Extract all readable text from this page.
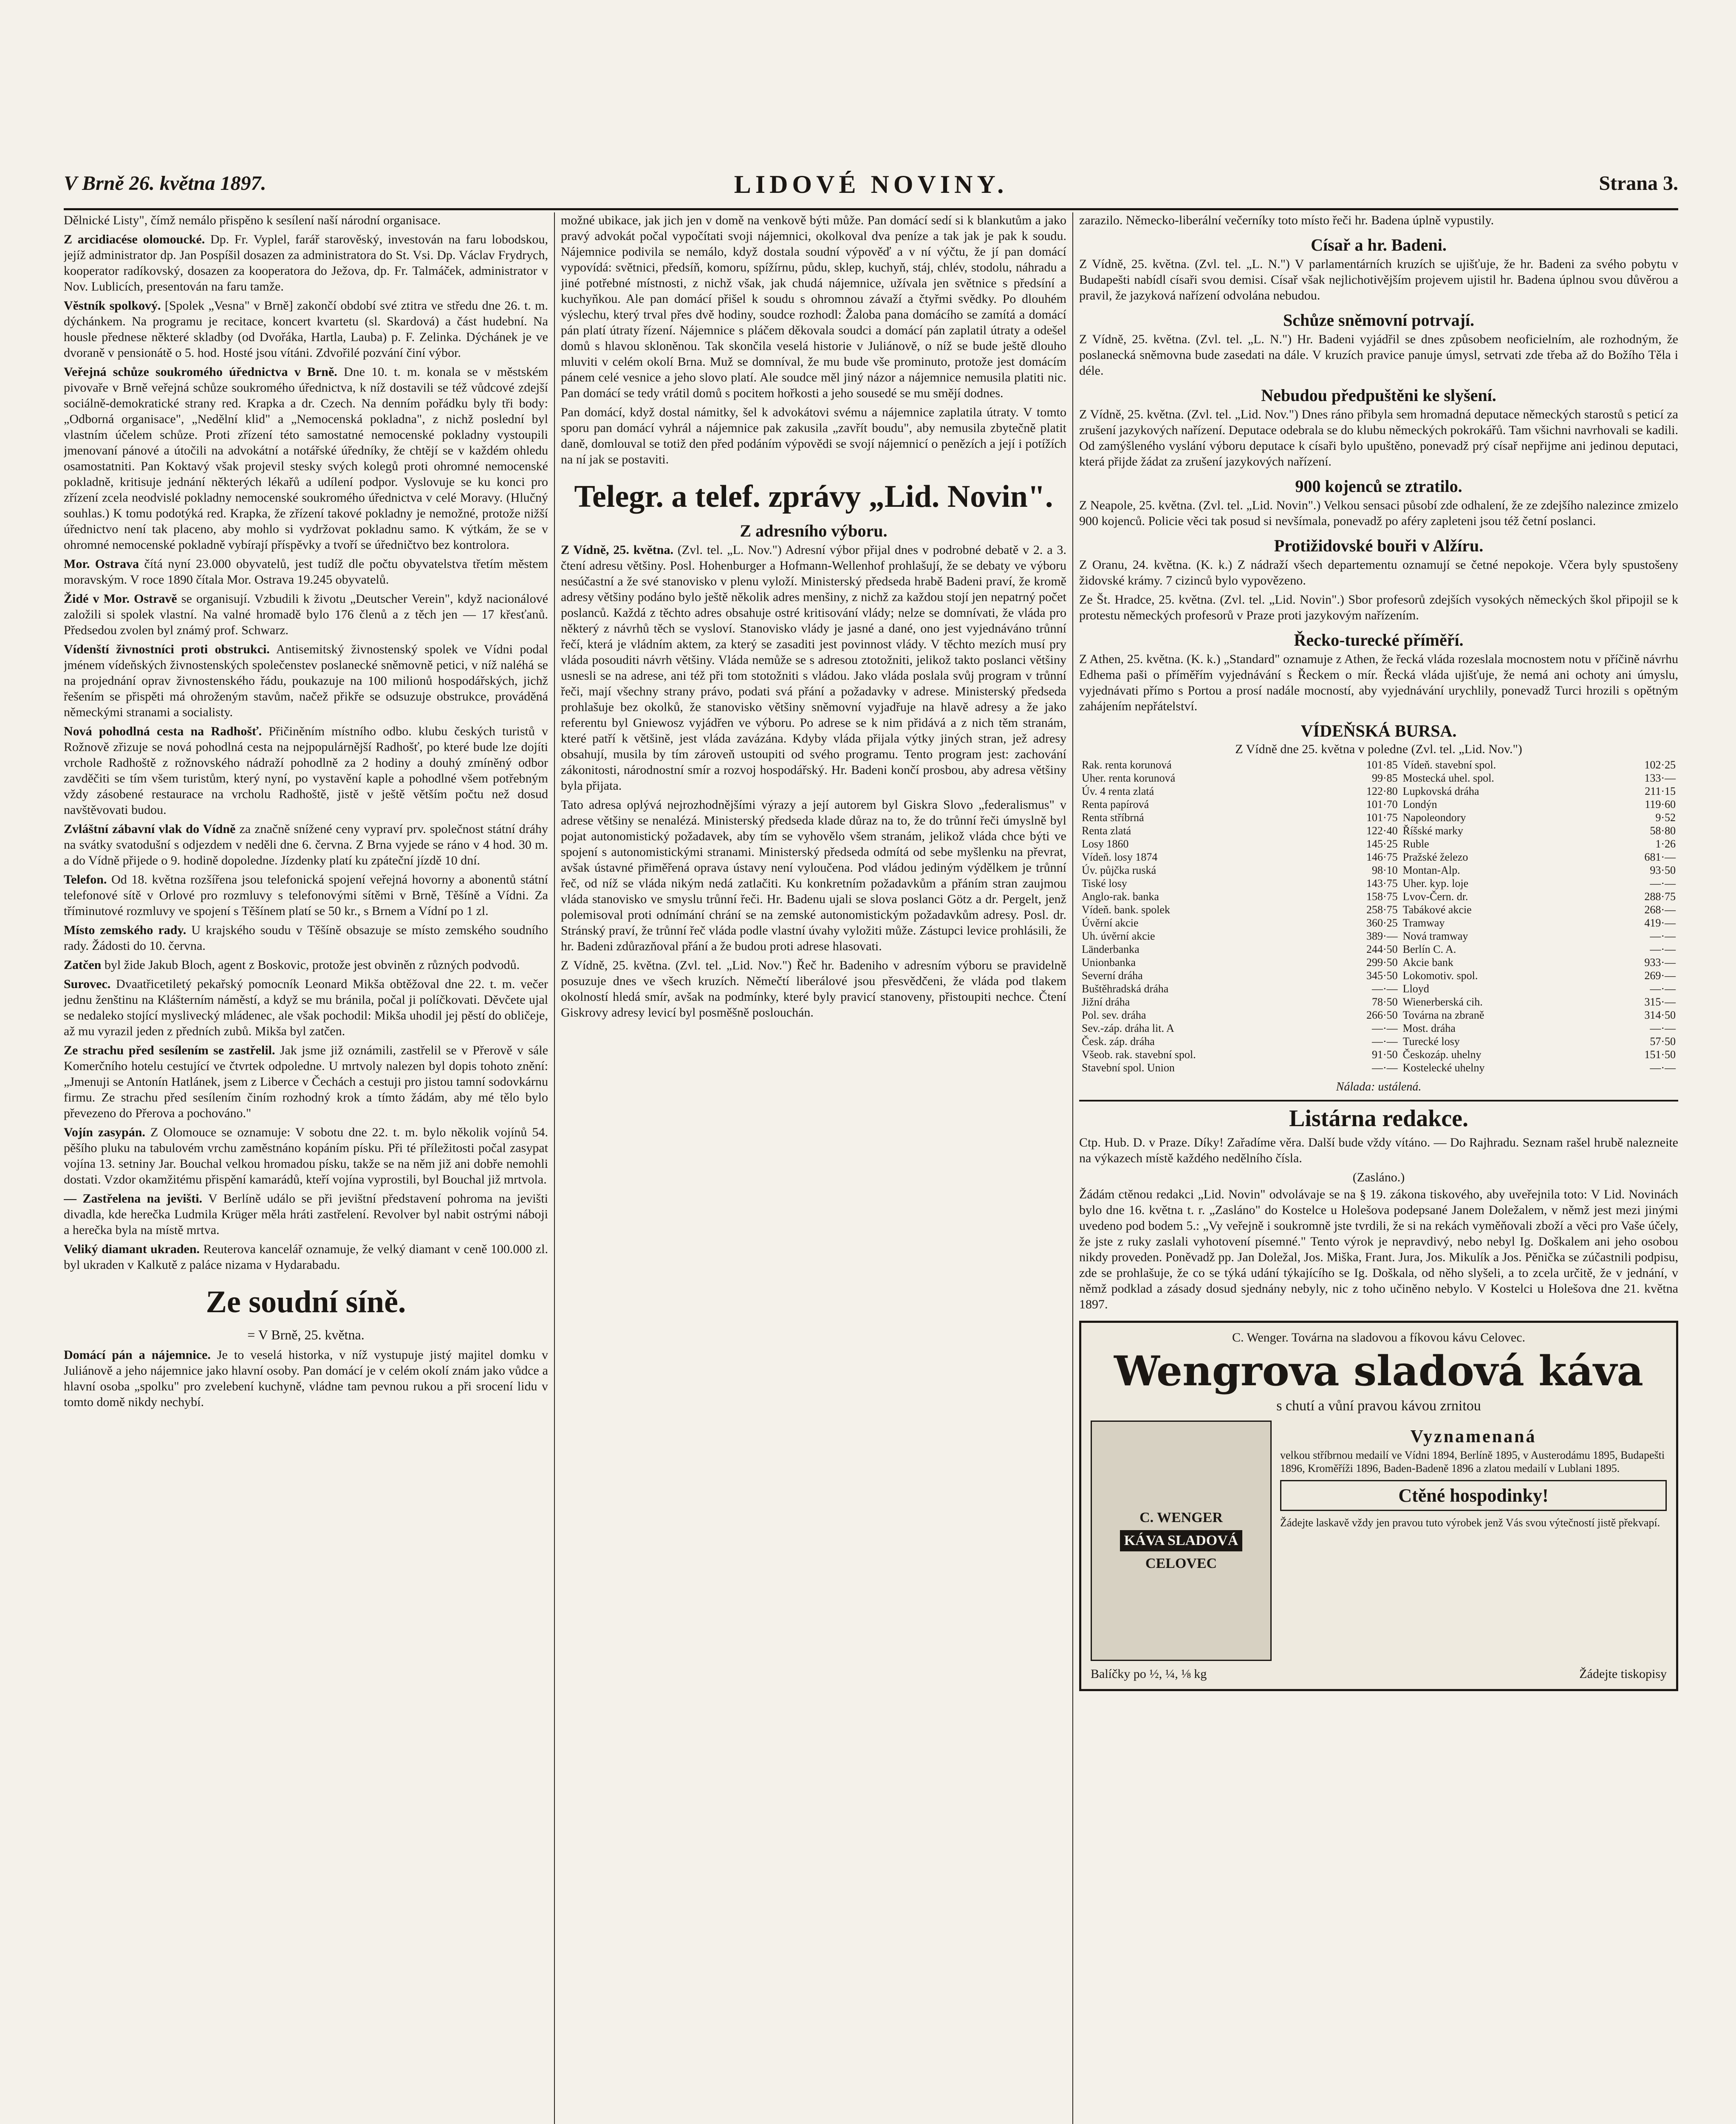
V Brně 26. května 1897.	LIDOVÉ NOVINY.	Strana 3.

Dělnické Listy", čímž nemálo přispěno k sesílení naší národní organisace.

Z arcidiacése olomoucké. Dp. Fr. Vyplel, farář starověský, investován na faru lobodskou, jejíž administrator dp. Jan Pospíšil dosazen za administratora do St. Vsi. Dp. Václav Frydrych, kooperator radíkovský, dosazen za kooperatora do Ježova, dp. Fr. Talmáček, administrator v Nov. Lublicích, presentován na faru tamže.

Věstník spolkový. [Spolek „Vesna" v Brně] zakončí období své ztitra ve středu dne 26. t. m. dýchánkem. Na programu je recitace, koncert kvartetu (sl. Skardová) a část hudební. Na housle přednese některé skladby (od Dvořáka, Hartla, Lauba) p. F. Zelinka. Dýchánek je ve dvoraně v pensionátě o 5. hod. Hosté jsou vítáni. Zdvořilé pozvání činí výbor.

Veřejná schůze soukromého úřednictva v Brně. Dne 10. t. m. konala se v městském pivovaře v Brně veřejná schůze soukromého úřednictva, k níž dostavili se též vůdcové zdejší sociálně-demokratické strany red. Krapka a dr. Czech. Na denním pořádku byly tři body: „Odborná organisace", „Nedělní klid" a „Nemocenská pokladna", z nichž poslední byl vlastním účelem schůze. Proti zřízení této samostatné nemocenské pokladny vystoupili jmenovaní pánové a útočili na advokátní a notářské úředníky, že chtějí se v každém ohledu osamostatniti. Pan Koktavý však projevil stesky svých kolegů proti ohromné nemocenské pokladně, kritisuje jednání některých lékařů a udílení podpor. Vyslovuje se ku konci pro zřízení zcela neodvislé pokladny nemocenské soukromého úřednictva v celé Moravy. (Hlučný souhlas.) K tomu podotýká red. Krapka, že zřízení takové pokladny je nemožné, protože nižší úřednictvo není tak placeno, aby mohlo si vydržovat pokladnu samo. K výtkám, že se v ohromné nemocenské pokladně vybírají příspěvky a tvoří se úředničtvo bez kontrolora.

Mor. Ostrava čítá nyní 23.000 obyvatelů, jest tudíž dle počtu obyvatelstva třetím městem moravským. V roce 1890 čítala Mor. Ostrava 19.245 obyvatelů.

Židé v Mor. Ostravě se organisují. Vzbudili k životu „Deutscher Verein", když nacionálové založili si spolek vlastní. Na valné hromadě bylo 176 členů a z těch jen — 17 křesťanů. Předsedou zvolen byl známý prof. Schwarz.

Vídenští živnostníci proti obstrukci. Antisemitský živnostenský spolek ve Vídni podal jménem vídeňských živnostenských společenstev poslanecké sněmovně petici, v níž naléhá se na projednání oprav živnostenského řádu, poukazuje na 100 milionů hospodářských, jichž řešením se přispěti má ohroženým stavům, načež přikře se odsuzuje obstrukce, prováděná německými stranami a socialisty.

Nová pohodlná cesta na Radhošť. Přičiněním místního odbo. klubu českých turistů v Rožnově zřizuje se nová pohodlná cesta na nejpopulárnější Radhošť, po které bude lze dojíti vrchole Radhoště z rožnovského nádraží pohodlně za 2 hodiny a douhý zmíněný odbor zavděčiti se tím všem turistům, který nyní, po vystavění kaple a pohodlné všem potřebným vždy zásobené restaurace na vrcholu Radhoště, jistě v ještě větším počtu než dosud navštěvovati budou.

Zvláštní zábavní vlak do Vídně za značně snížené ceny vypraví prv. společnost státní dráhy na svátky svatodušní s odjezdem v neděli dne 6. června. Z Brna vyjede se ráno v 4 hod. 30 m. a do Vídně přijede o 9. hodině dopoledne. Jízdenky platí ku zpáteční jízdě 10 dní.

Telefon. Od 18. května rozšířena jsou telefonická spojení veřejná hovorny a abonentů státní telefonové sítě v Orlové pro rozmluvy s telefonovými sítěmi v Brně, Těšíně a Vídni. Za tříminutové rozmluvy ve spojení s Těšínem platí se 50 kr., s Brnem a Vídní po 1 zl.

Místo zemského rady. U krajského soudu v Těšíně obsazuje se místo zemského soudního rady. Žádosti do 10. června.

Zatčen byl žide Jakub Bloch, agent z Boskovic, protože jest obviněn z různých podvodů.

Surovec. Dvaatřicetiletý pekařský pomocník Leonard Mikša obtěžoval dne 22. t. m. večer jednu ženštinu na Klášterním náměstí, a když se mu bránila, počal ji políčkovati. Děvčete ujal se nedaleko stojící myslivecký mládenec, ale však pochodil: Mikša uhodil jej pěstí do obličeje, až mu vyrazil jeden z předních zubů. Mikša byl zatčen.

Ze strachu před sesílením se zastřelil. Jak jsme již oznámili, zastřelil se v Přerově v sále Komerčního hotelu cestující ve čtvrtek odpoledne. U mrtvoly nalezen byl dopis tohoto znění: „Jmenuji se Antonín Hatlánek, jsem z Liberce v Čechách a cestuji pro jistou tamní sodovkárnu firmu. Ze strachu před sesílením činím rozhodný krok a tímto žádám, aby mé tělo bylo převezeno do Přerova a pochováno."

Vojín zasypán. Z Olomouce se oznamuje: V sobotu dne 22. t. m. bylo několik vojínů 54. pěšího pluku na tabulovém vrchu zaměstnáno kopáním písku. Při té příležitosti počal zasypat vojína 13. setniny Jar. Bouchal velkou hromadou písku, takže se na něm již ani dobře nemohli dostati. Vzdor okamžitému přispění kamarádů, kteří vojína vyprostili, byl Bouchal již mrtvola.

— Zastřelena na jevišti. V Berlíně událo se při jevištní představení pohroma na jevišti divadla, kde herečka Ludmila Krüger měla hráti zastřelení. Revolver byl nabit ostrými náboji a herečka byla na místě mrtva.

Veliký diamant ukraden. Reuterova kancelář oznamuje, že velký diamant v ceně 100.000 zl. byl ukraden v Kalkutě z paláce nizama v Hydarabadu.

Ze soudní síně.
= V Brně, 25. května.

Domácí pán a nájemnice. Je to veselá historka, v níž vystupuje jistý majitel domku v Juliánově a jeho nájemnice jako hlavní osoby. Pan domácí je v celém okolí znám jako vůdce a hlavní osoba „spolku" pro zvelebení kuchyně, vládne tam pevnou rukou a při srocení lidu v tomto domě nikdy nechybí.

možné ubikace, jak jich jen v domě na venkově býti může. Pan domácí sedí si k blankutům a jako pravý advokát počal vypočítati svoji nájemnici, okolkoval dva peníze a tak jak je pak k soudu. Nájemnice podivila se nemálo, když dostala soudní výpověď a v ní výčtu, že jí pan domácí vypovídá: světnici, předsíň, komoru, spížírnu, půdu, sklep, kuchyň, stáj, chlév, stodolu, náhradu a jiné potřebné místnosti, z nichž však, jak chudá nájemnice, užívala jen světnice s předsíní a kuchyňkou. Ale pan domácí přišel k soudu s ohromnou závaží a čtyřmi svědky. Po dlouhém výslechu, který trval přes dvě hodiny, soudce rozhodl: Žaloba pana domácího se zamítá a domácí pán platí útraty řízení. Nájemnice s pláčem děkovala soudci a domácí pán zaplatil útraty a odešel domů s hlavou skloněnou. Tak skončila veselá historie v Juliánově, o níž se bude ještě dlouho mluviti v celém okolí Brna. Muž se domníval, že mu bude vše prominuto, protože jest domácím pánem celé vesnice a jeho slovo platí. Ale soudce měl jiný názor a nájemnice nemusila platiti nic. Pan domácí se tedy vrátil domů s pocitem hořkosti a jeho sousedé se mu smějí dodnes.

Pan domácí, když dostal námitky, šel k advokátovi svému a nájemnice zaplatila útraty. V tomto sporu pan domácí vyhrál a nájemnice pak zakusila „zavřít boudu", aby nemusila zbytečně platit daně, domlouval se totiž den před podáním výpovědi se svojí nájemnicí o penězích a její i potížích na ní jak se postaviti.

Telegr. a telef. zprávy „Lid. Novin".
Z adresního výboru.

Z Vídně, 25. května. (Zvl. tel. „L. Nov.") Adresní výbor přijal dnes v podrobné debatě v 2. a 3. čtení adresu většiny. Posl. Hohenburger a Hofmann-Wellenhof prohlašují, že se debaty ve výboru nesúčastní a že své stanovisko v plenu vyloží. Ministerský předseda hrabě Badeni praví, že kromě adresy většiny podáno bylo ještě několik adres menšiny, z nichž za každou stojí jen nepatrný počet poslanců. Každá z těchto adres obsahuje ostré kritisování vlády; nelze se domnívati, že vláda pro některý z návrhů těch se vysloví. Stanovisko vlády je jasné a dané, ono jest vyjednáváno trůnní řečí, která je vládním aktem, za který se zasaditi jest povinnost vlády. V těchto mezích musí pry vláda posouditi návrh většiny. Vláda nemůže se s adresou ztotožniti, jelikož takto poslanci většiny usnesli se na adrese, ani též při tom stotožniti s vládou. Jako vláda poslala svůj program v trůnní řeči, mají všechny strany právo, podati svá přání a požadavky v adrese. Ministerský předseda prohlašuje bez okolků, že stanovisko většiny sněmovní vyjadřuje na hlavě adresy a že jako referentu byl Gniewosz vyjádřen ve výboru. Po adrese se k nim přidává a z nich těm stranám, které patří k většině, jest vláda zavázána. Kdyby vláda přijala výtky jiných stran, jež adresy obsahují, musila by tím zároveň ustoupiti od svého programu. Tento program jest: zachování zákonitosti, národnostní smír a rozvoj hospodářský. Hr. Badeni končí prosbou, aby adresa většiny byla přijata.

Tato adresa oplývá nejrozhodnějšími výrazy a její autorem byl Giskra Slovo „federalismus" v adrese většiny se nenalézá. Ministerský předseda klade důraz na to, že do trůnní řeči úmyslně byl pojat autonomistický požadavek, aby tím se vyhovělo všem stranám, jelikož vláda chce býti ve spojení s autonomistickými stranami. Ministerský předseda odmítá od sebe myšlenku na převrat, avšak ústavné přiměřená opravа ústavy není vyloučena. Pod vládou jediným výdělkem je trůnní řeč, od níž se vláda nikým nedá zatlačiti. Ku konkretním požadavkům a přáním stran zaujmou vláda stanovisko ve smyslu trůnní řeči. Hr. Badenu ujali se slova poslanci Götz a dr. Pergelt, jenž polemisoval proti odnímání chrání se na zemské autonomistickým požadavkům adresy. Posl. dr. Stránský praví, že trůnní řeč vláda podle vlastní úvahy vyložiti může. Zástupci levice prohlásili, že hr. Badeni zdůrazňoval přání a že budou proti adrese hlasovati.

Z Vídně, 25. května. (Zvl. tel. „Lid. Nov.") Řeč hr. Badeniho v adresním výboru se pravidelně posuzuje dnes ve všech kruzích. Němečtí liberálové jsou přesvědčeni, že vláda pod tlakem okolností hledá smír, avšak na podmínky, které byly pravicí stanoveny, přistoupiti nechce. Čtení Giskrovy adresy levicí byl posměšně poslouchán.

zarazilo. Německo-liberální večerníky toto místo řeči hr. Badena úplně vypustily.

Císař a hr. Badeni.

Z Vídně, 25. května. (Zvl. tel. „L. N.") V parlamentárních kruzích se ujišťuje, že hr. Badeni za svého pobytu v Budapešti nabídl císaři svou demisi. Císař však nejlichotivějším projevem ujistil hr. Badena úplnou svou důvěrou a pravil, že jazyková nařízení odvolána nebudou.

Schůze sněmovní potrvají.

Z Vídně, 25. května. (Zvl. tel. „L. N.") Hr. Badeni vyjádřil se dnes způsobem neoficielním, ale rozhodným, že poslanecká sněmovna bude zasedati na dále. V kruzích pravice panuje úmysl, setrvati zde třeba až do Božího Těla i déle.

Nebudou předpuštěni ke slyšení.

Z Vídně, 25. května. (Zvl. tel. „Lid. Nov.") Dnes ráno přibyla sem hromadná deputace německých starostů s peticí za zrušení jazykových nařízení. Deputace odebrala se do klubu německých pokrokářů. Tam všichni navrhovali se kadili. Od zamýšleného vyslání výboru deputace k císaři bylo upuštěno, ponevadž prý císař nepřijme ani jedinou deputaci, která přijde žádat za zrušení jazykových nařízení.

900 kojenců se ztratilo.

Z Neapole, 25. května. (Zvl. tel. „Lid. Novin".) Velkou sensaci působí zde odhalení, že ze zdejšího nalezince zmizelo 900 kojenců. Policie věci tak posud si nevšímala, ponevadž po aféry zapleteni jsou též četní poslanci.

Protižidovské bouři v Alžíru.

Z Oranu, 24. května. (K. k.) Z nádraží všech departementu oznamují se četné nepokoje. Včera byly spustošeny židovské krámy. 7 cizinců bylo vypovězeno.

Ze Št. Hradce, 25. května. (Zvl. tel. „Lid. Novin".) Sbor profesorů zdejších vysokých německých škol připojil se k protestu německých profesorů v Praze proti jazykovým nařízením.

Řecko-turecké příměří.

Z Athen, 25. května. (K. k.) „Standard" oznamuje z Athen, že řecká vláda rozeslala mocnostem notu v příčině návrhu Edhema paši o příměřím vyjednávání s Řeckem o mír. Řecká vláda ujišťuje, že nemá ani ochoty ani úmyslu, vyjednávati přímo s Portou a prosí nadále mocností, aby vyjednávání urychlily, ponevadž Turci hrozili s opětným zahájením nepřátelství.

VÍDEŇSKÁ BURSA.
Z Vídně dne 25. května v poledne (Zvl. tel. „Lid. Nov.")
Rak. renta korunová	101·85	Vídeň. stavební spol.	102·25
Uher. renta korunová	99·85	Mostecká uhel. spol.	133·—
Úv. 4 renta zlatá	122·80	Lupkovská dráha	211·15
Renta papírová	101·70	Londýn	119·60
Renta stříbrná	101·75	Napoleondory	9·52
Renta zlatá	122·40	Říšské marky	58·80
Losy 1860	145·25	Ruble	1·26
Vídeň. losy 1874	146·75	Pražské železo	681·—
Úv. půjčka ruská	98·10	Montan-Alp.	93·50
Tiské losy	143·75	Uher. kyp. loje	—·—
Anglo-rak. banka	158·75	Lvov-Čern. dr.	288·75
Vídeň. bank. spolek	258·75	Tabákové akcie	268·—
Úvěrní akcie	360·25	Tramway	419·—
Uh. úvěrní akcie	389·—	Nová tramway	—·—
Länderbanka	244·50	Berlín C. A.	—·—
Unionbanka	299·50	Akcie bank	933·—
Severní dráha	345·50	Lokomotiv. spol.	269·—
Buštěhradská dráha	—·—	Lloyd	—·—
Jižní dráha	78·50	Wienerberská cih.	315·—
Pol. sev. dráha	266·50	Továrna na zbraně	314·50
Sev.-záp. dráha lit. A	—·—	Most. dráha	—·—
Česk. záp. dráha	—·—	Turecké losy	57·50
Všeob. rak. stavební spol.	91·50	Českozáp. uhelny	151·50
Stavební spol. Union	—·—	Kostelecké uhelny	—·—
Nálada: ustálená.
Listárna redakce.

Ctp. Hub. D. v Praze. Díky! Zařadíme věra. Další bude vždy vítáno. — Do Rajhradu. Seznam rašel hrubě nalezneite na výkazech místě každého nedělního čísla.

(Zasláno.)

Žádám ctěnou redakci „Lid. Novin" odvolávaje se na § 19. zákona tiskového, aby uveřejnila toto: V Lid. Novinách bylo dne 16. května t. r. „Zasláno" do Kostelce u Holešova podepsané Janem Doležalem, v němž jest mezi jinými uvedeno pod bodem 5.: „Vy veřejně i soukromně jste tvrdili, že si na rekách vyměňovali zboží a věci pro Vaše účely, že jste z ruky zaslali vyhotovení písemné." Tento výrok je nepravdivý, nebo nebyl Ig. Doškalem ani jeho osobou nikdy proveden. Poněvadž pp. Jan Doležal, Jos. Miška, Frant. Jura, Jos. Mikulík a Jos. Pěnička se zúčastnili podpisu, zde se prohlašuje, že co se týká udání týkajícího se Ig. Doškala, od něho slyšeli, a to zcela určitě, že v jednání, v němž podklad a zásady dosud sjednány nebyly, nic z toho učiněno nebylo. V Kostelci u Holešova dne 21. května 1897.

C. Wenger. Továrna na sladovou a fíkovou kávu Celovec.
Wengrova sladová káva
s chutí a vůní pravou kávou zrnitou
C. WENGER
KÁVA SLADOVÁ
CELOVEC
Vyznamenaná
velkou stříbrnou medailí ve Vídni 1894, Berlíně 1895, v Austerodámu 1895, Budapešti 1896, Kroměříži 1896, Baden-Badeně 1896 a zlatou medailí v Lublani 1895.
Ctěné hospodinky!
Žádejte laskavě vždy jen pravou tuto výrobek jenž Vás svou výtečností jistě překvapí.
Balíčky po ½, ¼, ⅛ kg	Žádejte tiskopisy
